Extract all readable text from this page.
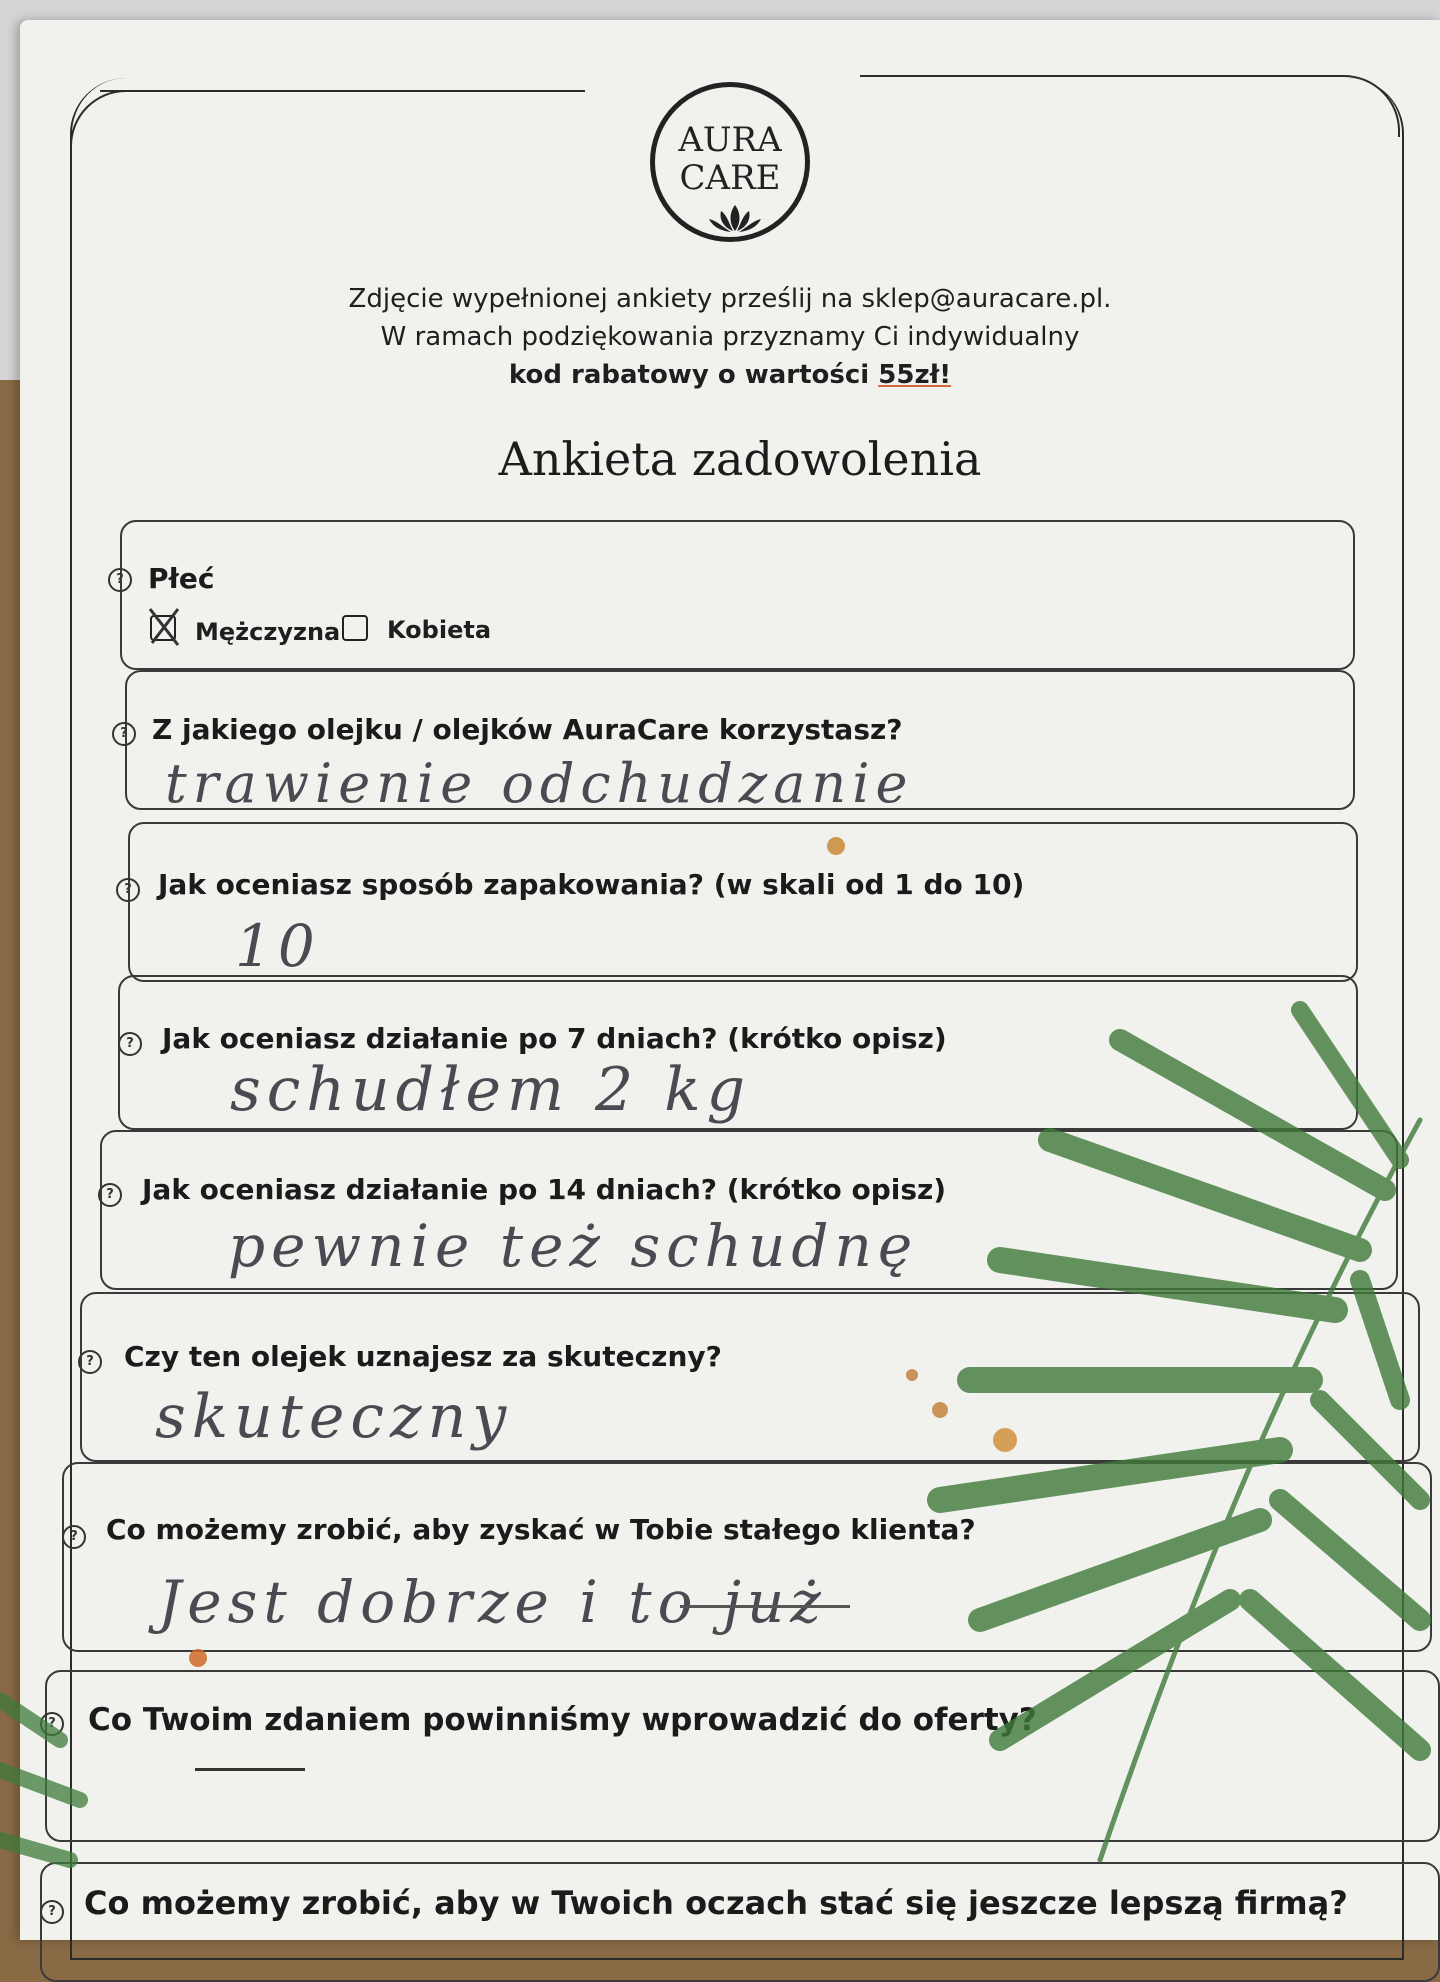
AURA
CARE
Zdjęcie wypełnionej ankiety prześlij na sklep@auracare.pl.
W ramach podziękowania przyznamy Ci indywidualny
kod rabatowy o wartości 55zł!
Ankieta zadowolenia
? Płeć
Mężczyzna Kobieta
? Z jakiego olejku / olejków AuraCare korzystasz?
trawienie odchudzanie
? Jak oceniasz sposób zapakowania? (w skali od 1 do 10)
10
? Jak oceniasz działanie po 7 dniach? (krótko opisz)
schudłem 2 kg
? Jak oceniasz działanie po 14 dniach? (krótko opisz)
pewnie też schudnę
? Czy ten olejek uznajesz za skuteczny?
skuteczny
? Co możemy zrobić, aby zyskać w Tobie stałego klienta?
Jest dobrze i to już
? Co Twoim zdaniem powinniśmy wprowadzić do oferty?
? Co możemy zrobić, aby w Twoich oczach stać się jeszcze lepszą firmą?
